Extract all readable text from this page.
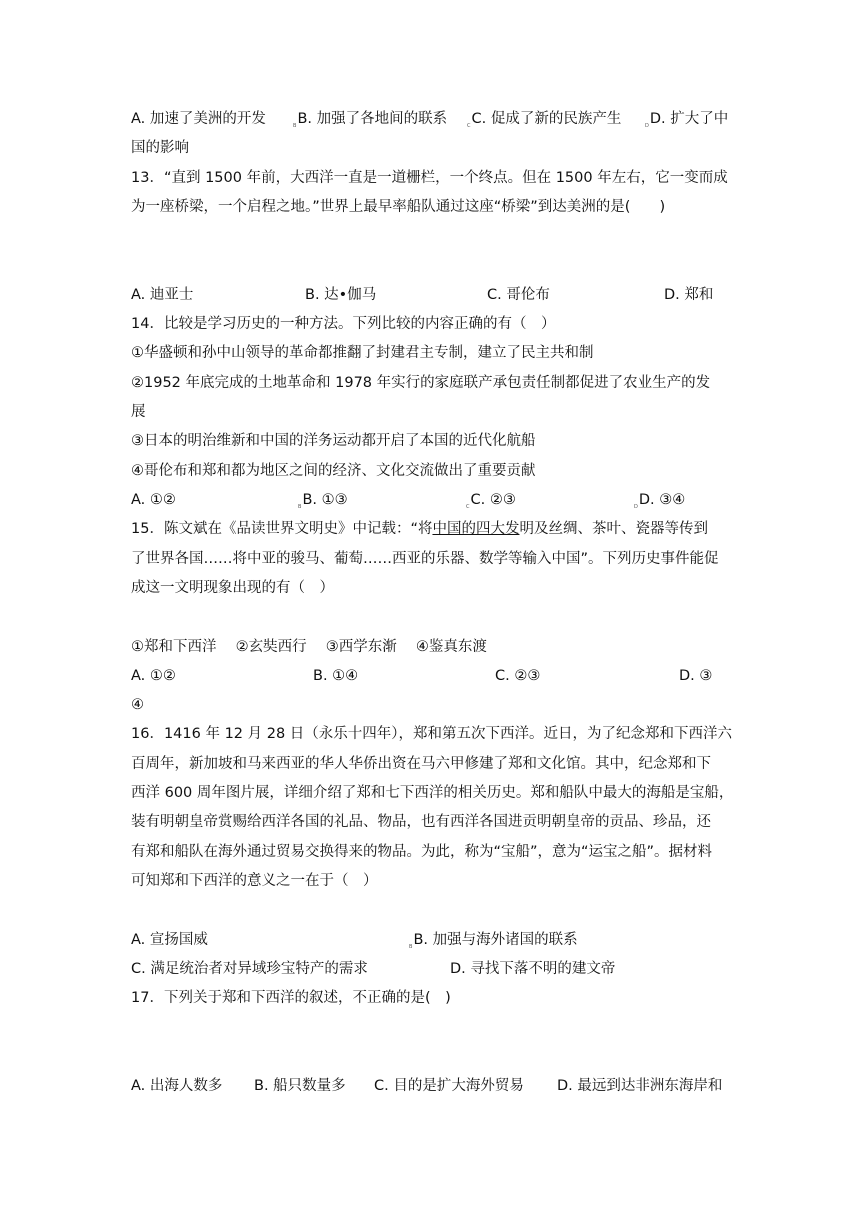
A. 加速了美洲的开发	$_B$B. 加强了各地间的联系	$_C$C. 促成了新的民族产生	$_D$D. 扩大了中
国的影响
13．“直到 1500 年前，大西洋一直是一道栅栏，一个终点。但在 1500 年左右，它一变而成
为一座桥梁，一个启程之地。”世界上最早率船队通过这座“桥梁”到达美洲的是(　　)
A. 迪亚士	B. 达•伽马	C. 哥伦布	D. 郑和
14．比较是学习历史的一种方法。下列比较的内容正确的有（　）
①华盛顿和孙中山领导的革命都推翻了封建君主专制，建立了民主共和制
②1952 年底完成的土地革命和 1978 年实行的家庭联产承包责任制都促进了农业生产的发
展
③日本的明治维新和中国的洋务运动都开启了本国的近代化航船
④哥伦布和郑和都为地区之间的经济、文化交流做出了重要贡献
A. ①②	$_B$B. ①③	$_C$C. ②③	$_D$D. ③④
15．陈文斌在《品读世界文明史》中记载：“将中国的四大发明及丝绸、茶叶、瓷器等传到
了世界各国……将中亚的骏马、葡萄……西亚的乐器、数学等输入中国”。下列历史事件能促
成这一文明现象出现的有（　）
①郑和下西洋　 ②玄奘西行　 ③西学东渐　 ④鉴真东渡
A. ①②	B. ①④	C. ②③	D. ③
④
16．1416 年 12 月 28 日（永乐十四年），郑和第五次下西洋。近日，为了纪念郑和下西洋六
百周年，新加坡和马来西亚的华人华侨出资在马六甲修建了郑和文化馆。其中，纪念郑和下
西洋 600 周年图片展，详细介绍了郑和七下西洋的相关历史。郑和船队中最大的海船是宝船，
装有明朝皇帝赏赐给西洋各国的礼品、物品，也有西洋各国进贡明朝皇帝的贡品、珍品，还
有郑和船队在海外通过贸易交换得来的物品。为此，称为“宝船”，意为“运宝之船”。据材料
可知郑和下西洋的意义之一在于（　）
A. 宣扬国威	$_B$B. 加强与海外诸国的联系
C. 满足统治者对异域珍宝特产的需求	D. 寻找下落不明的建文帝
17．下列关于郑和下西洋的叙述，不正确的是(　)
A. 出海人数多 B. 船只数量多 C. 目的是扩大海外贸易 D. 最远到达非洲东海岸和
